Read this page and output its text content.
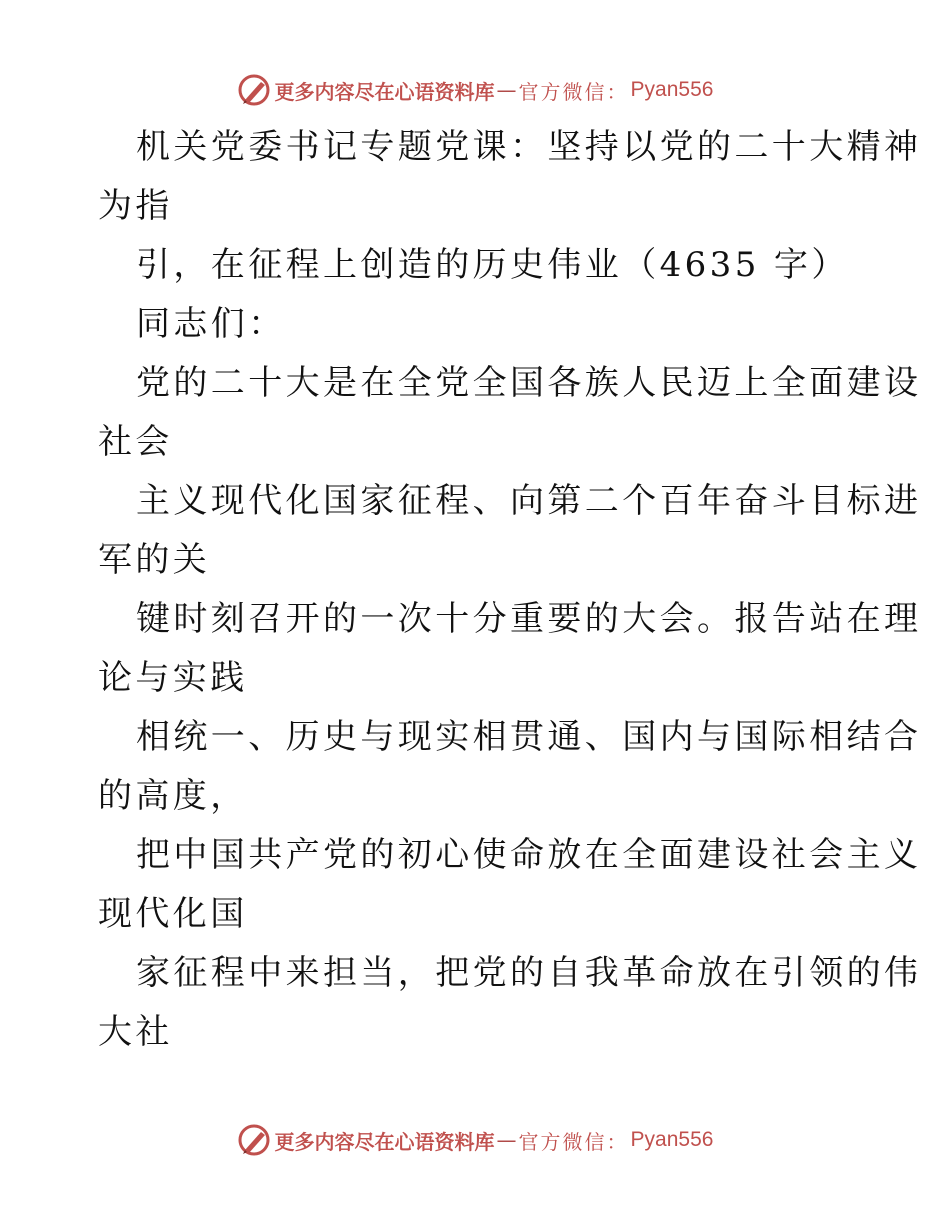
更多内容尽在心语资料库 — 官方微信： Pyan556
机关党委书记专题党课：坚持以党的二十大精神
为指
引，在征程上创造的历史伟业（4635 字）
同志们：
党的二十大是在全党全国各族人民迈上全面建设
社会
主义现代化国家征程、向第二个百年奋斗目标进
军的关
键时刻召开的一次十分重要的大会。报告站在理
论与实践
相统一、历史与现实相贯通、国内与国际相结合
的高度，
把中国共产党的初心使命放在全面建设社会主义
现代化国
家征程中来担当，把党的自我革命放在引领的伟
大社
更多内容尽在心语资料库 — 官方微信： Pyan556
